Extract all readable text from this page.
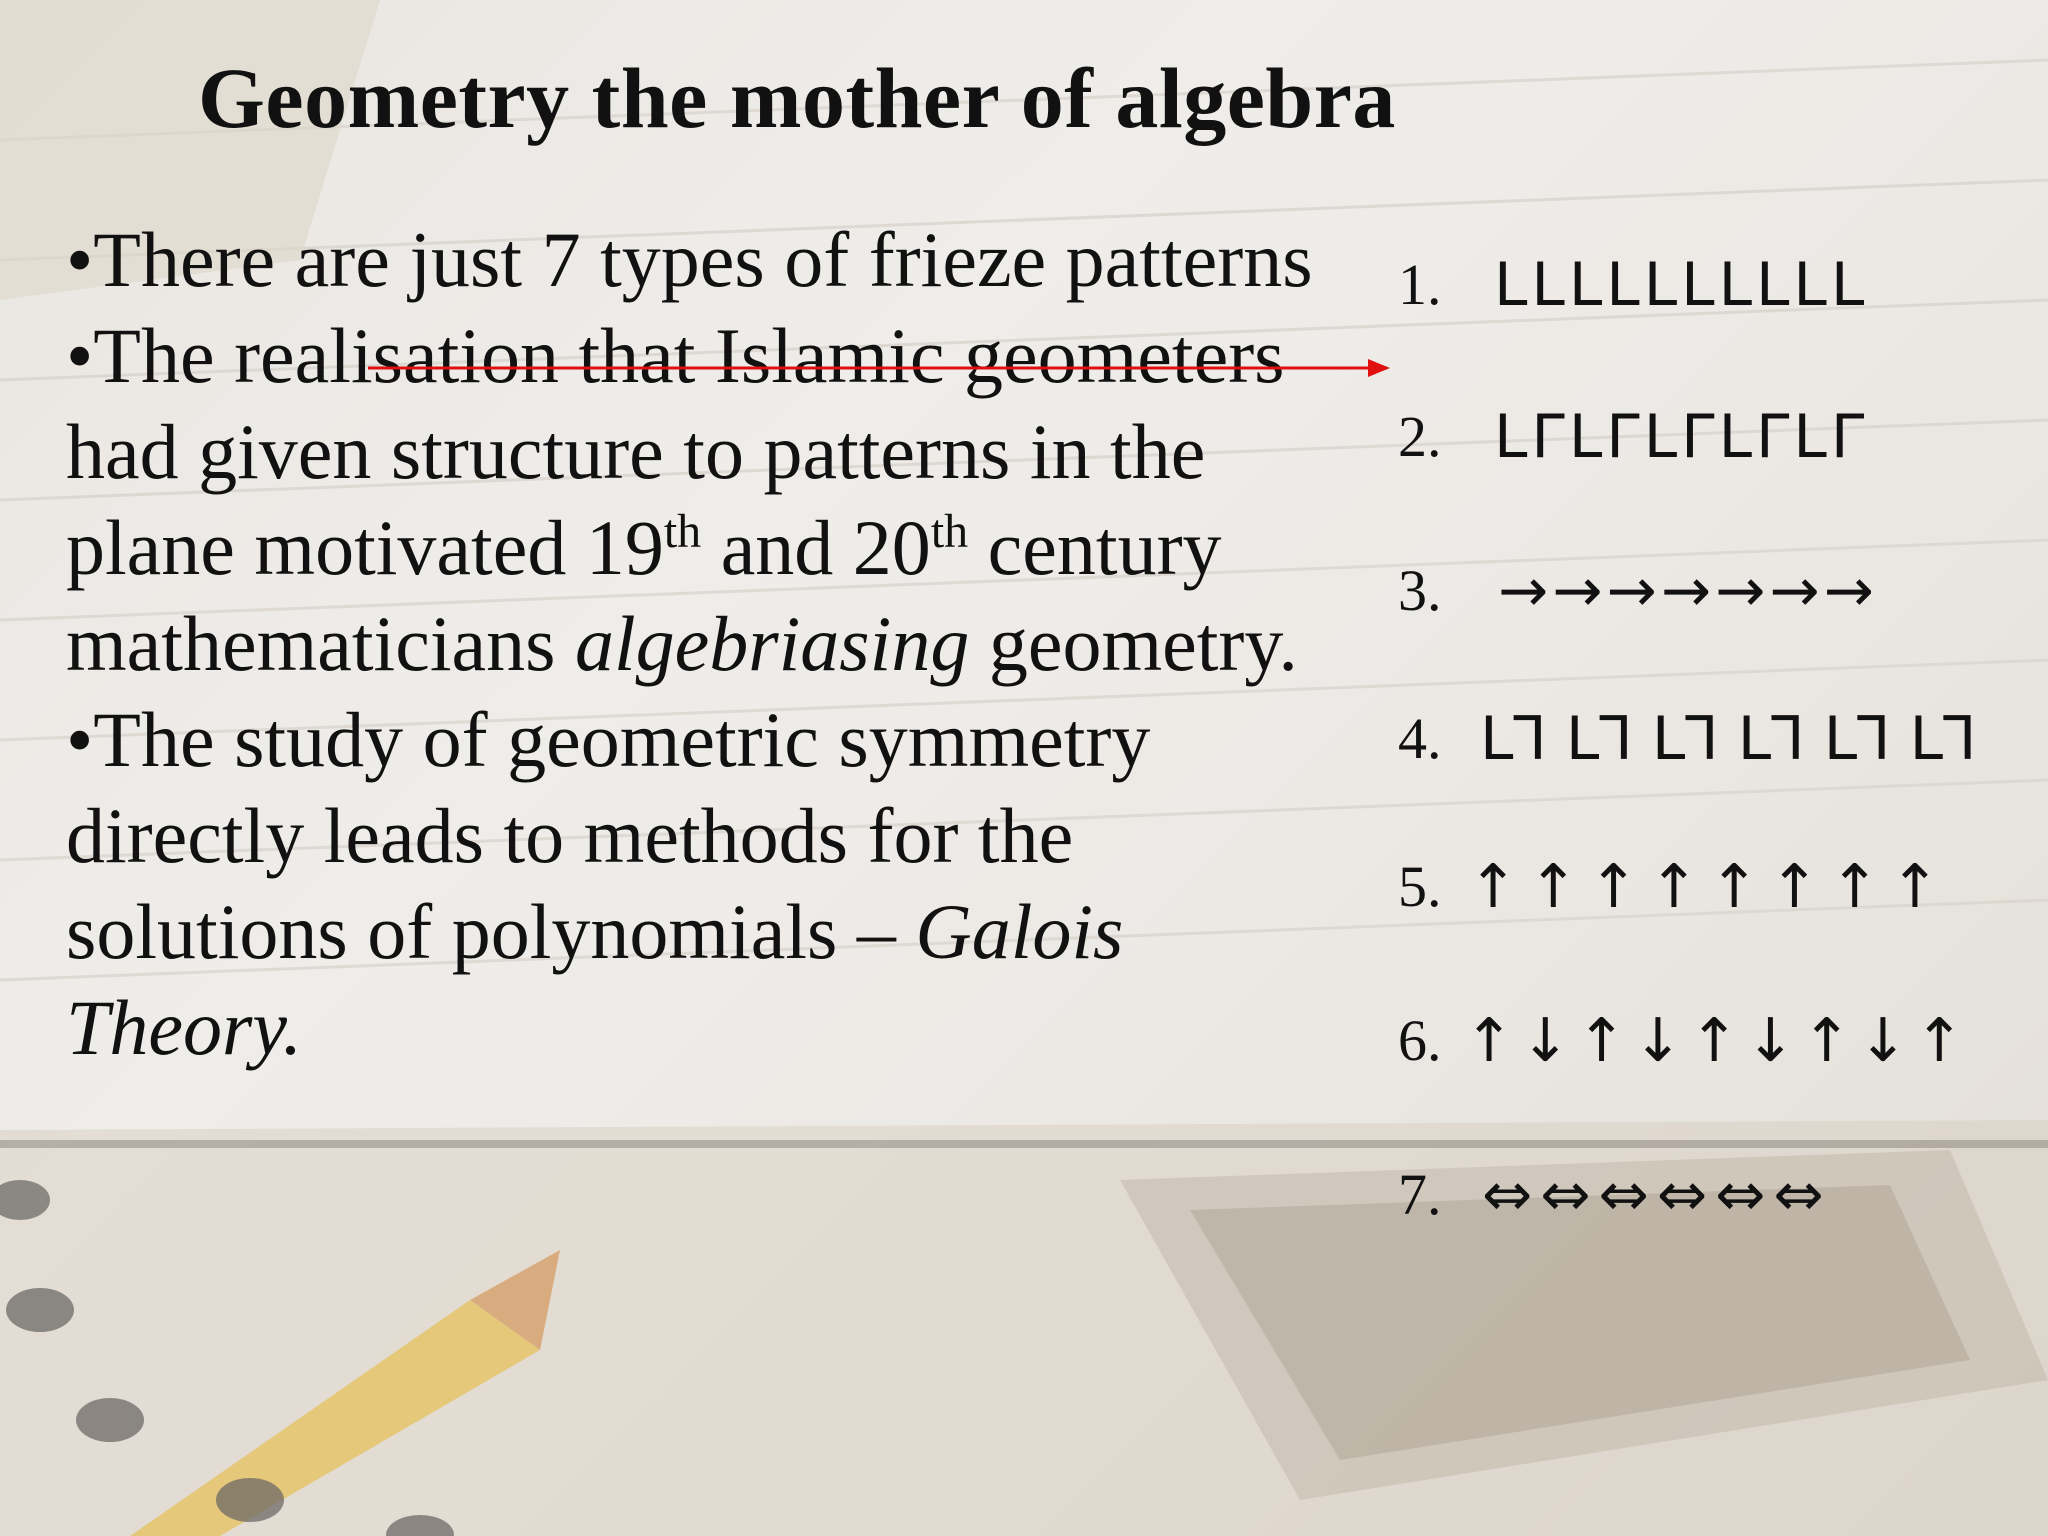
Geometry the mother of algebra

•There are just 7 types of frieze patterns

•The realisation that Islamic geometers had given structure to patterns in the plane motivated 19th and 20th century mathematicians algebriasing geometry.

•The study of geometric symmetry directly leads to methods for the solutions of polynomials – Galois Theory.

1. LLLLLLLLLL
2. LΓLΓLΓLΓLΓ
3. →→→→→→→
4. L⅂ L⅂ L⅂ L⅂ L⅂ L⅂
5. ↑↑↑↑↑↑↑↑
6. ↑↓↑↓↑↓↑↓↑
7. ⇔⇔⇔⇔⇔⇔
